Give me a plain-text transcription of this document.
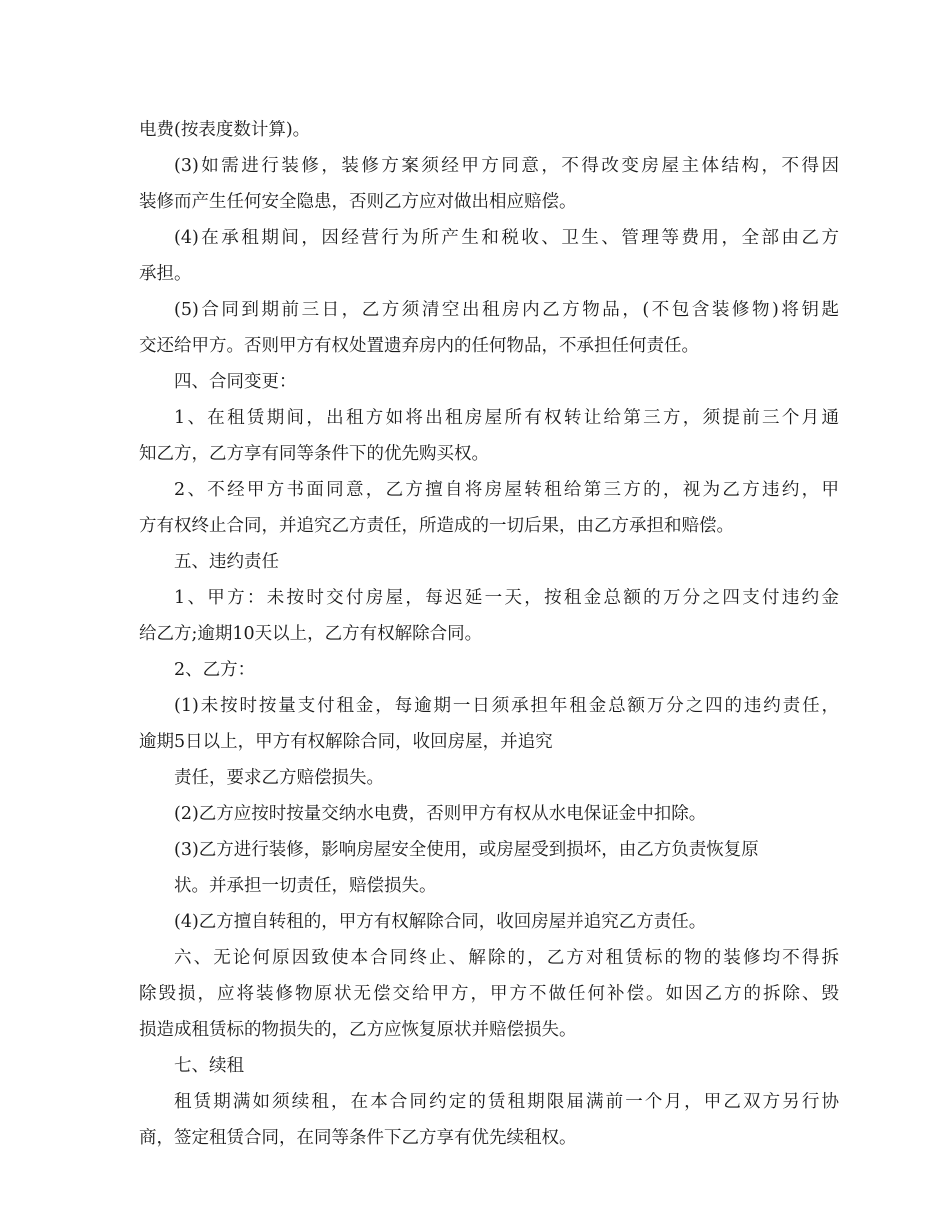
电费(按表度数计算)。
(3)如需进行装修，装修方案须经甲方同意，不得改变房屋主体结构，不得因
装修而产生任何安全隐患，否则乙方应对做出相应赔偿。
(4)在承租期间，因经营行为所产生和税收、卫生、管理等费用，全部由乙方
承担。
(5)合同到期前三日，乙方须清空出租房内乙方物品，(不包含装修物)将钥匙
交还给甲方。否则甲方有权处置遗弃房内的任何物品，不承担任何责任。
四、合同变更：
1、在租赁期间，出租方如将出租房屋所有权转让给第三方，须提前三个月通
知乙方，乙方享有同等条件下的优先购买权。
2、不经甲方书面同意，乙方擅自将房屋转租给第三方的，视为乙方违约，甲
方有权终止合同，并追究乙方责任，所造成的一切后果，由乙方承担和赔偿。
五、违约责任
1、甲方：未按时交付房屋，每迟延一天，按租金总额的万分之四支付违约金
给乙方;逾期10天以上，乙方有权解除合同。
2、乙方：
(1)未按时按量支付租金，每逾期一日须承担年租金总额万分之四的违约责任，
逾期5日以上，甲方有权解除合同，收回房屋，并追究
责任，要求乙方赔偿损失。
(2)乙方应按时按量交纳水电费，否则甲方有权从水电保证金中扣除。
(3)乙方进行装修，影响房屋安全使用，或房屋受到损坏，由乙方负责恢复原
状。并承担一切责任，赔偿损失。
(4)乙方擅自转租的，甲方有权解除合同，收回房屋并追究乙方责任。
六、无论何原因致使本合同终止、解除的，乙方对租赁标的物的装修均不得拆
除毁损，应将装修物原状无偿交给甲方，甲方不做任何补偿。如因乙方的拆除、毁
损造成租赁标的物损失的，乙方应恢复原状并赔偿损失。
七、续租
租赁期满如须续租，在本合同约定的赁租期限届满前一个月，甲乙双方另行协
商，签定租赁合同，在同等条件下乙方享有优先续租权。
